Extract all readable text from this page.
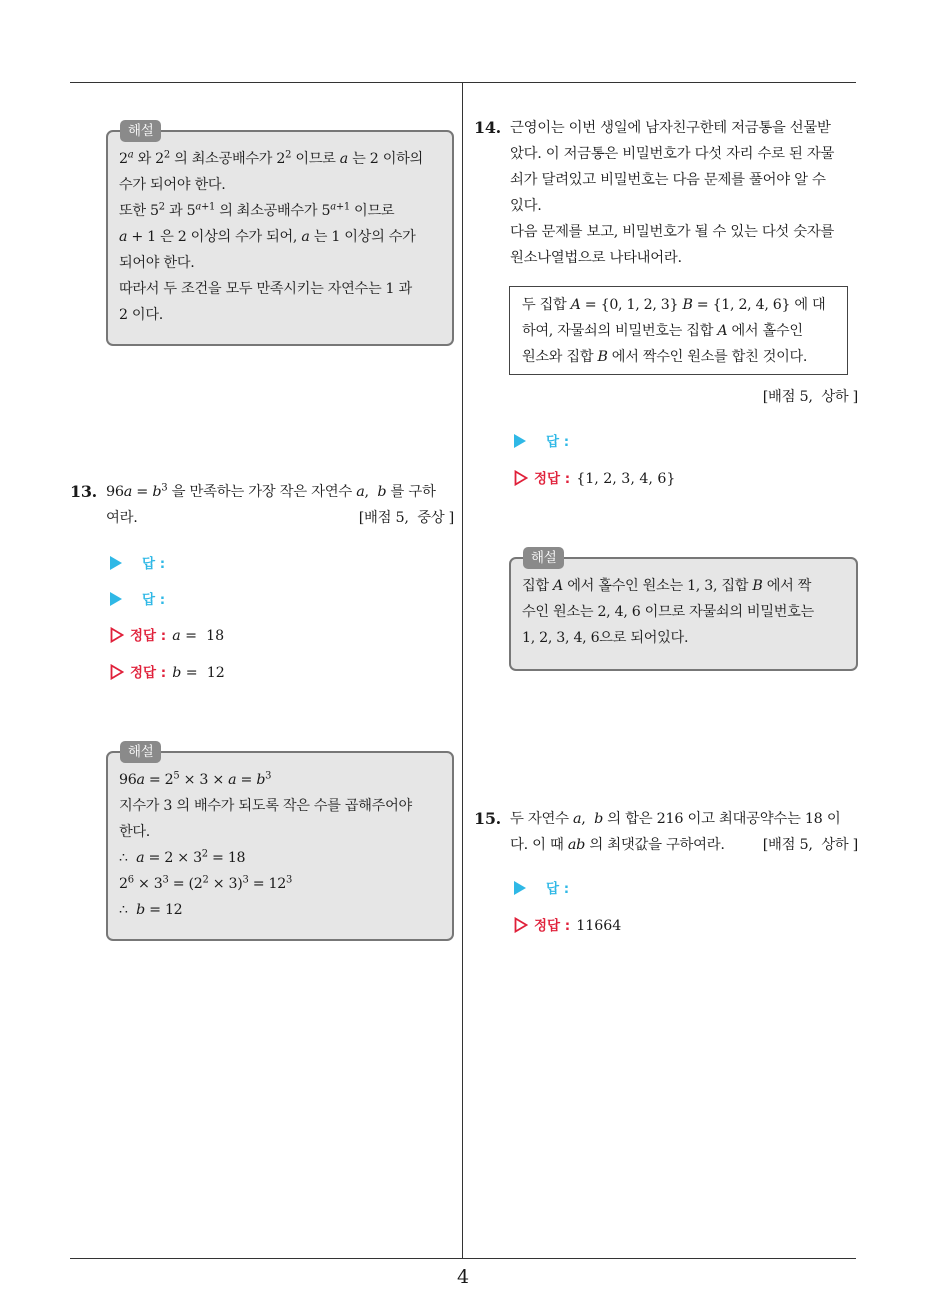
4
해설
2$^a$ 와 $2^2$ 의 최소공배수가 $2^2$ 이므로 a 는 2 이하의
수가 되어야 한다.
또한 $5^2$ 과 $5^{a+1}$ 의 최소공배수가 $5^{a+1}$ 이므로
a + 1 은 2 이상의 수가 되어, a 는 1 이상의 수가
되어야 한다.
따라서 두 조건을 모두 만족시키는 자연수는 1 과
2 이다.
13. $96a = b^3$ 을 만족하는 가장 작은 자연수 a,  b 를 구하
여라.	[배점 5,  중상 ]
답 :
답 :
정답 : a =  18
정답 : b =  12
해설
$96a = 2^5 \times 3 \times a = b^3$
지수가 3 의 배수가 되도록 작은 수를 곱해주어야
한다.
∴  $a = 2 \times 3^2 = 18$
$2^6 \times 3^3 = (2^2 \times 3)^3 = 12^3$
∴  b = 12
14. 근영이는 이번 생일에 남자친구한테 저금통을 선물받
았다. 이 저금통은 비밀번호가 다섯 자리 수로 된 자물
쇠가 달려있고 비밀번호는 다음 문제를 풀어야 알 수
있다.
다음 문제를 보고, 비밀번호가 될 수 있는 다섯 숫자를
원소나열법으로 나타내어라.
두 집합 A = {0, 1, 2, 3} B = {1, 2, 4, 6} 에 대
하여, 자물쇠의 비밀번호는 집합 A 에서 홀수인
원소와 집합 B 에서 짝수인 원소를 합친 것이다.
[배점 5,  상하 ]
답 :
정답 : {1, 2, 3, 4, 6}
해설
집합 A 에서 홀수인 원소는 1, 3, 집합 B 에서 짝
수인 원소는 2, 4, 6 이므로 자물쇠의 비밀번호는
1, 2, 3, 4, 6으로 되어있다.
15. 두 자연수 a,  b 의 합은 216 이고 최대공약수는 18 이
다. 이 때 ab 의 최댓값을 구하여라.	[배점 5,  상하 ]
답 :
정답 : 11664
